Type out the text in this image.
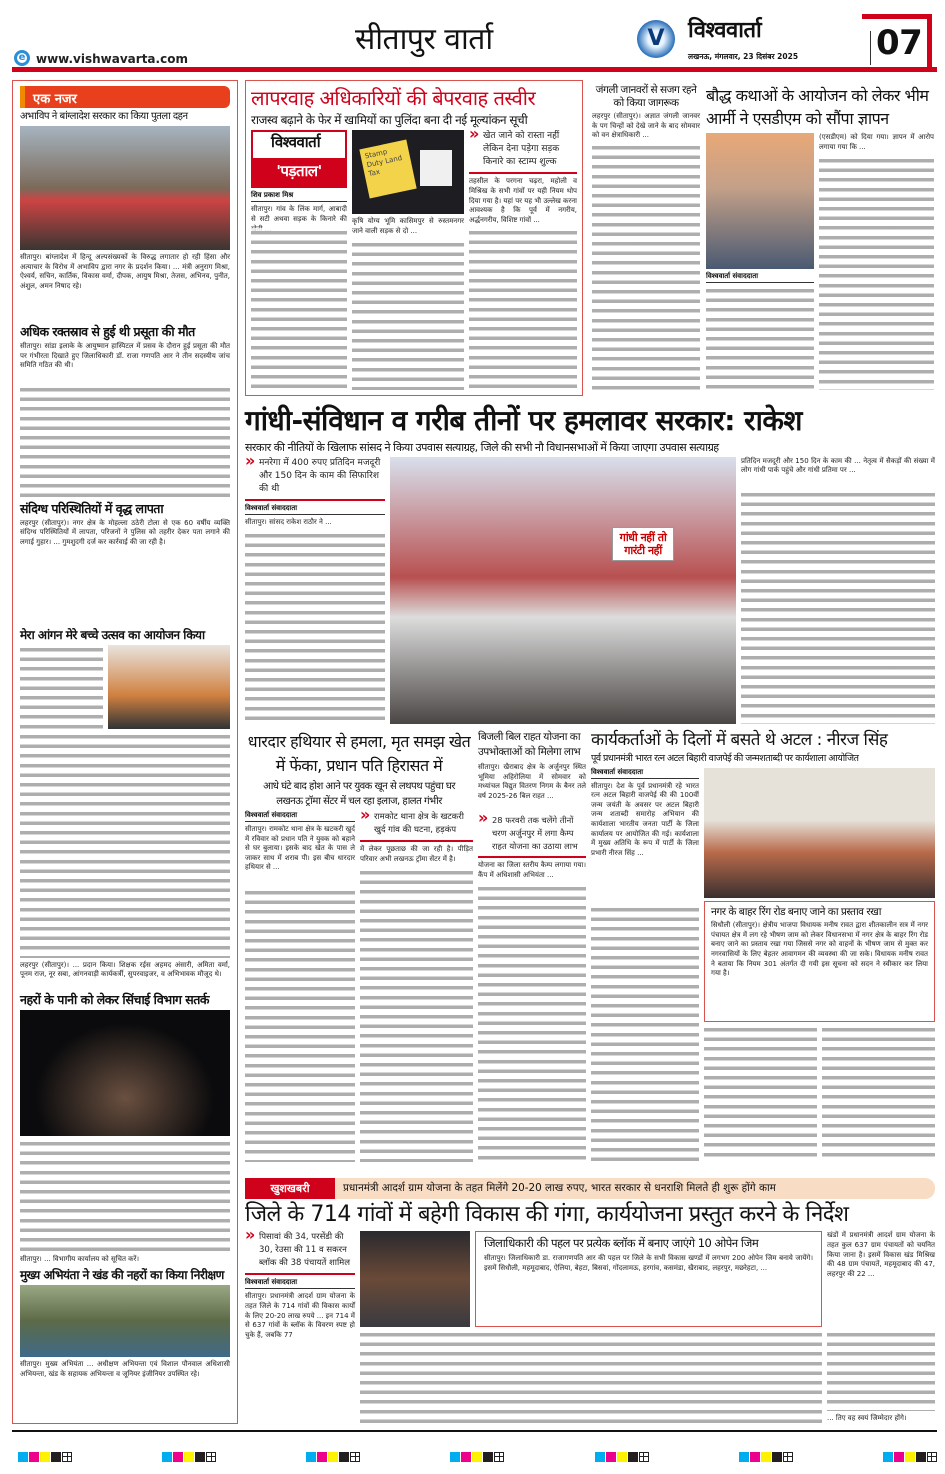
e www.vishwavarta.com
सीतापुर वार्ता	V	विश्ववार्ता
लखनऊ, मंगलवार, 23 दिसंबर 2025 07
एक नजर
अभाविप ने बांग्लादेश सरकार का किया पुतला दहन
सीतापुर। बांग्लादेश में हिन्दू अल्पसंख्यकों के विरुद्ध लगातार हो रही हिंसा और अत्याचार के विरोध में अभाविप द्वारा नगर के प्रदर्शन किया। ... मंत्री अनुराग मिश्रा, ऐश्वर्य, सचिन, कार्तिक, विकास वर्मा, दीपक, आयुष मिश्रा, तेजस, अभिनव, पुनीत, अंशुल, अमन निषाद रहे।
अधिक रक्तस्राव से हुई थी प्रसूता की मौत
सीतापुर। सांडा इलाके के आयुष्मान हास्पिटल में प्रसव के दौरान हुई प्रसूता की मौत पर गंभीरता दिखाते हुए जिलाधिकारी डॉ. राजा गणपति आर ने तीन सदस्यीय जांच समिति गठित की थी।
संदिग्ध परिस्थितियों में वृद्ध लापता
लहरपुर (सीतापुर)। नगर क्षेत्र के मोहल्ला ठठेरी टोला से एक 60 वर्षीय व्यक्ति संदिग्ध परिस्थितियों में लापता, परिजनों ने पुलिस को तहरीर देकर पता लगाने की लगाई गुहार। ... गुमशुदगी दर्ज कर कार्रवाई की जा रही है।
मेरा आंगन मेरे बच्चे उत्सव का आयोजन किया
लहरपुर (सीतापुर)। ... प्रदान किया। शिक्षक रईस अहमद अंसारी, अमिता वर्मा, पूनम राज, नूर सबा, आंगनवाड़ी कार्यकर्त्री, सुपरवाइजर, व अभिभावक मौजूद थे।
नहरों के पानी को लेकर सिंचाई विभाग सतर्क
सीतापुर। ... विभागीय कार्यालय को सूचित करें।
मुख्य अभियंता ने खंड की नहरों का किया निरीक्षण
सीतापुर। मुख्य अभियंता ... अधीक्षण अभियन्ता एवं विशाल पौनवाल अधिशासी अभियन्ता, खंड के सहायक अभियन्ता व जूनियर इंजीनियर उपस्थित रहे।
लापरवाह अधिकारियों की बेपरवाह तस्वीर
राजस्व बढ़ाने के फेर में खामियों का पुलिंदा बना दी नई मूल्यांकन सूची
विश्ववार्ता
'पड़ताल'
शिव प्रकाश मिश्र
सीतापुर। गांव के लिंक मार्ग, आबादी से सटी अथवा सड़क के किनारे की
Stamp Duty Land Tax
कृषि योग्य भूमि कासिमपुर से रुस्तमनगर जाने वाली सड़क से दो ...
» खेत जाने को रास्ता नहीं लेकिन देना पड़ेगा सड़क किनारे का स्टाम्प शुल्क
तहसील के परगना चढ़रा, महोली व मिश्रिख के सभी गांवों पर यही नियम थोप दिया गया है। यहां पर यह भी उल्लेख करना आवश्यक है कि पूर्व में नगरीय, अर्द्धनगरीय, विशिष्ट गांवों ...
जंगली जानवरों से सजग रहने को किया जागरूक
लहरपुर (सीतापुर)। अज्ञात जंगली जानवर के पग चिन्हों को देखे जाने के बाद सोमवार को वन क्षेत्राधिकारी ...
बौद्ध कथाओं के आयोजन को लेकर भीम आर्मी ने एसडीएम को सौंपा ज्ञापन
विश्ववार्ता संवाददाता
(एसडीएम) को दिया गया। ज्ञापन में आरोप लगाया गया कि ...
गांधी-संविधान व गरीब तीनों पर हमलावर सरकार: राकेश
सरकार की नीतियों के खिलाफ सांसद ने किया उपवास सत्याग्रह, जिले की सभी नौ विधानसभाओं में किया जाएगा उपवास सत्याग्रह
» मनरेगा में 400 रुपए प्रतिदिन मजदूरी और 150 दिन के काम की सिफारिश की थी
विश्ववार्ता संवाददाता
सीतापुर। सांसद राकेश राठौर ने ...
गांधी नहीं तो गारंटी नहीं
प्रतिदिन मजदूरी और 150 दिन के काम की ... नेतृत्व में सैकड़ों की संख्या में लोग गांधी पार्क पहुंचे और गांधी प्रतिमा पर ...
धारदार हथियार से हमला, मृत समझ खेत में फेंका, प्रधान पति हिरासत में
आधे घंटे बाद होश आने पर युवक खून से लथपथ पहुंचा घर
लखनऊ ट्रॉमा सेंटर में चल रहा इलाज, हालत गंभीर
विश्ववार्ता संवाददाता
सीतापुर। रामकोट थाना क्षेत्र के खटकरी खुर्द में रविवार को प्रधान पति ने युवक को बहाने से घर बुलाया। इसके बाद खेत के पास ले जाकर साथ में शराब पी। इस बीच धारदार हथियार से ...
» रामकोट थाना क्षेत्र के खटकरी खुर्द गांव की घटना, हड़कंप
में लेकर पूछताछ की जा रही है। पीड़ित परिवार अभी लखनऊ ट्रॉमा सेंटर में है।
बिजली बिल राहत योजना का उपभोक्ताओं को मिलेगा लाभ
सीतापुर। खैराबाद क्षेत्र के अर्जुनपुर स्थित भूमिया अहिरोलिया में सोमवार को मध्यांचल विद्युत वितरण निगम के बैनर तले वर्ष 2025-26 बिल राहत ...
» 28 फरवरी तक चलेंगे तीनों चरण अर्जुनपुर में लगा कैम्प राहत योजना का उठाया लाभ
योजना का जिला स्तरीय कैम्प लगाया गया। कैंप में अधिशासी अभियंता ...
कार्यकर्ताओं के दिलों में बसते थे अटल : नीरज सिंह
पूर्व प्रधानमंत्री भारत रत्न अटल बिहारी वाजपेई की जन्मशताब्दी पर कार्यशाला आयोजित
विश्ववार्ता संवाददाता
सीतापुर। देश के पूर्व प्रधानमंत्री रहे भारत रत्न अटल बिहारी वाजपेई की की 100वीं जन्म जयंती के अवसर पर अटल बिहारी जन्म शताब्दी समारोह अभियान की कार्यशाला भारतीय जनता पार्टी के जिला कार्यालय पर आयोजित की गई। कार्यशाला में मुख्य अतिथि के रूप में पार्टी के जिला प्रभारी नीरज सिंह ...
नगर के बाहर रिंग रोड बनाए जाने का प्रस्ताव रखा
सिधौली (सीतापुर)। क्षेत्रीय भाजपा विधायक मनीष रावत द्वारा शीतकालीन सत्र में नगर पंचायत क्षेत्र में लग रहे भीषण जाम को लेकर विधानसभा में नगर क्षेत्र के बाहर रिंग रोड बनाए जाने का प्रस्ताव रखा गया जिससे नगर को वाहनों के भीषण जाम से मुक्त कर नगरवासियों के लिए बेहतर आवागमन की व्यवस्था की जा सके। विधायक मनीष रावत ने बताया कि नियम 301 अंतर्गत दी गयी इस सूचना को सदन ने स्वीकार कर लिया गया है।
खुशखबरी	प्रधानमंत्री आदर्श ग्राम योजना के तहत मिलेंगे 20-20 लाख रुपए, भारत सरकार से धनराशि मिलते ही शुरू होंगे काम
जिले के 714 गांवों में बहेगी विकास की गंगा, कार्ययोजना प्रस्तुत करने के निर्देश
» पिसावां की 34, परसेंडी की 30, रेउसा की 11 व सकरन ब्लॉक की 38 पंचायतें शामिल
विश्ववार्ता संवाददाता
सीतापुर। प्रधानमंत्री आदर्श ग्राम योजना के तहत जिले के 714 गांवों की विकास कार्यों के लिए 20-20 लाख रुपये ... इन 714 में से 637 गांवों के ब्लॉक के विवरण स्पष्ट हो चुके हैं, जबकि 77
जिलाधिकारी की पहल पर प्रत्येक ब्लॉक में बनाए जाएंगे 10 ओपेन जिम
सीतापुर। जिलाधिकारी डा. राजागणपति आर की पहल पर जिले के सभी विकास खण्डों में लगभग 200 ओपेन जिम बनाये जायेंगे। इसमें सिधौली, महमूदाबाद, ऐलिया, बेहटा, बिसवां, गोंदलामऊ, हरगांव, कसमंडा, खैराबाद, लहरपुर, मछरेहटा, ...
खंडों में प्रधानमंत्री आदर्श ग्राम योजना के तहत कुल 637 ग्राम पंचायतों को चयनित किया जाना है। इसमें विकास खंड मिश्रिख की 48 ग्राम पंचायतें, महमूदाबाद की 47, लहरपुर की 22 ...
... तिए वह स्वयं जिम्मेदार होंगे।
